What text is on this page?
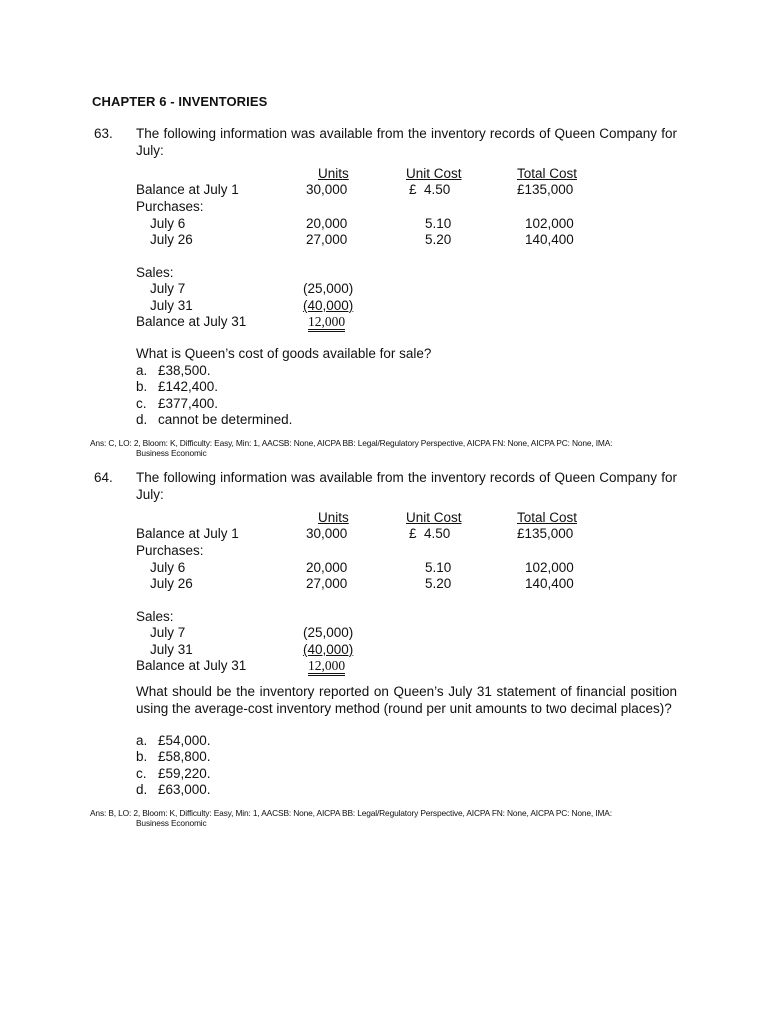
CHAPTER 6 - INVENTORIES
63. The following information was available from the inventory records of Queen Company for July:
Units	Unit Cost	Total Cost
Balance at July 1	30,000	£  4.50	£135,000
Purchases:
July 6	20,000	5.10	102,000
July 26	27,000	5.20	140,400
Sales:
July 7	(25,000)
July 31	(40,000)
Balance at July 31	12,000
What is Queen’s cost of goods available for sale?
a. £38,500.
b. £142,400.
c. £377,400.
d. cannot be determined.
Ans: C, LO: 2, Bloom: K, Difficulty: Easy, Min: 1, AACSB: None, AICPA BB: Legal/Regulatory Perspective, AICPA FN: None, AICPA PC: None, IMA:
Business Economic
64. The following information was available from the inventory records of Queen Company for July:
Units	Unit Cost	Total Cost
Balance at July 1	30,000	£  4.50	£135,000
Purchases:
July 6	20,000	5.10	102,000
July 26	27,000	5.20	140,400
Sales:
July 7	(25,000)
July 31	(40,000)
Balance at July 31	12,000
What should be the inventory reported on Queen’s July 31 statement of financial position using the average-cost inventory method (round per unit amounts to two decimal places)?
a. £54,000.
b. £58,800.
c. £59,220.
d. £63,000.
Ans: B, LO: 2, Bloom: K, Difficulty: Easy, Min: 1, AACSB: None, AICPA BB: Legal/Regulatory Perspective, AICPA FN: None, AICPA PC: None, IMA:
Business Economic
